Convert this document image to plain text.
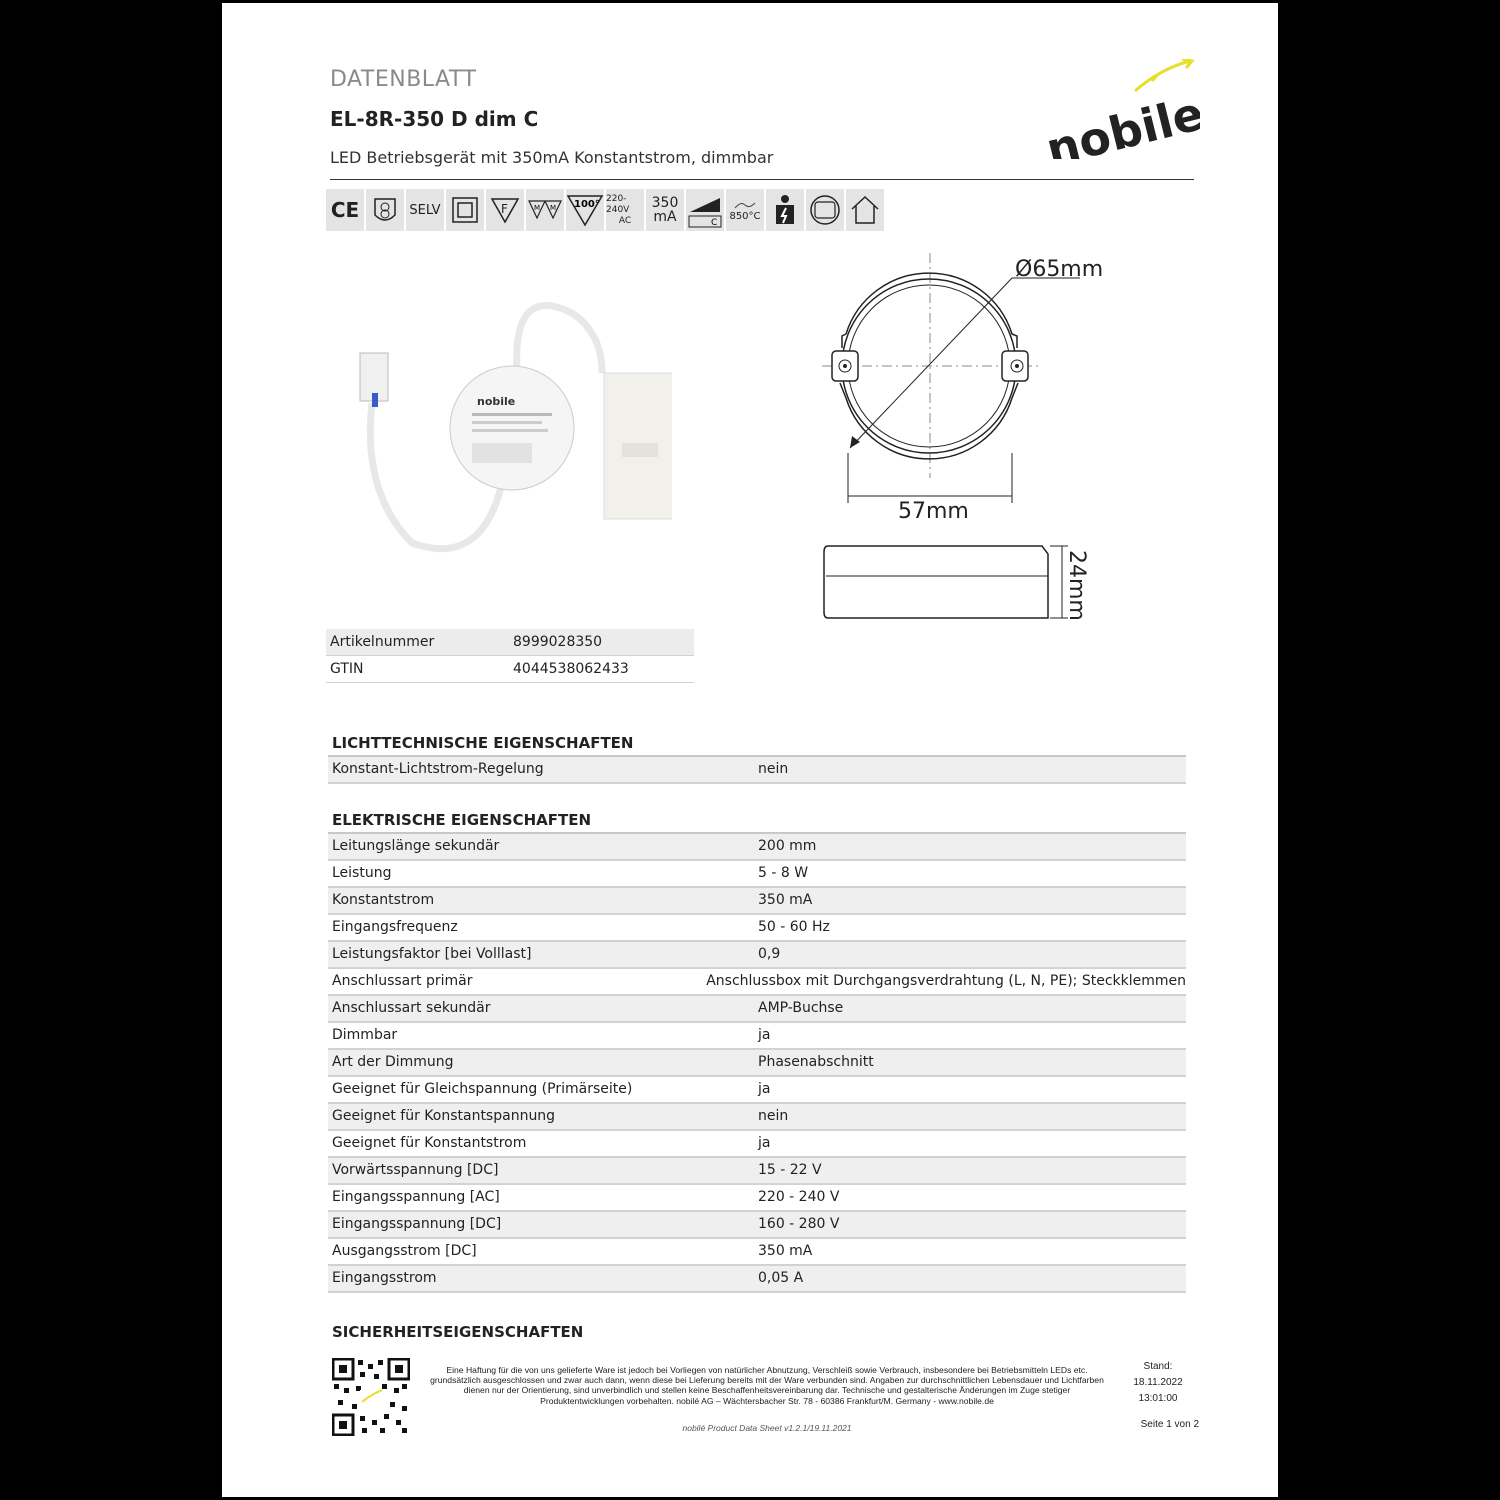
DATENBLATT
EL-8R-350 D dim C
LED Betriebsgerät mit 350mA Konstantstrom, dimmbar	nobile
CE	SELV	F	M M 100°
220-240V
AC
350
mA	C
850°C
nobile
Ø65mm
57mm
24mm
Artikelnummer	8999028350
GTIN	4044538062433
LICHTTECHNISCHE EIGENSCHAFTEN
Konstant-Lichtstrom-Regelung	nein
ELEKTRISCHE EIGENSCHAFTEN
Leitungslänge sekundär	200 mm
Leistung	5 - 8 W
Konstantstrom	350 mA
Eingangsfrequenz	50 - 60 Hz
Leistungsfaktor [bei Volllast]	0,9
Anschlussart primär	Anschlussbox mit Durchgangsverdrahtung (L, N, PE); Steckklemmen
Anschlussart sekundär	AMP-Buchse
Dimmbar	ja
Art der Dimmung	Phasenabschnitt
Geeignet für Gleichspannung (Primärseite)	ja
Geeignet für Konstantspannung	nein
Geeignet für Konstantstrom	ja
Vorwärtsspannung [DC]	15 - 22 V
Eingangsspannung [AC]	220 - 240 V
Eingangsspannung [DC]	160 - 280 V
Ausgangsstrom [DC]	350 mA
Eingangsstrom	0,05 A
SICHERHEITSEIGENSCHAFTEN
Eine Haftung für die von uns gelieferte Ware ist jedoch bei Vorliegen von natürlicher Abnutzung, Verschleiß sowie Verbrauch, insbesondere bei Betriebsmitteln LEDs etc. grundsätzlich ausgeschlossen und zwar auch dann, wenn diese bei Lieferung bereits mit der Ware verbunden sind. Angaben zur durchschnittlichen Lebensdauer und Lichtfarben dienen nur der Orientierung, sind unverbindlich und stellen keine Beschaffenheitsvereinbarung dar. Technische und gestalterische Änderungen im Zuge stetiger Produktentwicklungen vorbehalten. nobilé AG – Wächtersbacher Str. 78 - 60386 Frankfurt/M. Germany - www.nobile.de
nobilé Product Data Sheet v1.2.1/19.11.2021
Stand:
18.11.2022
13:01:00
Seite 1 von 2
